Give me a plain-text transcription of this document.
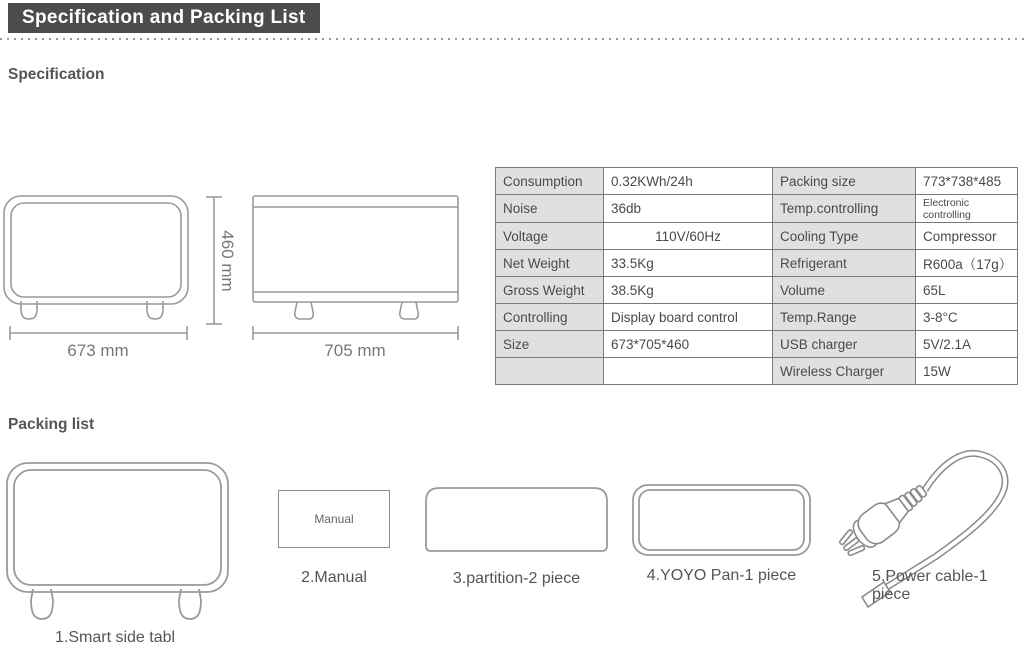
Specification and Packing List
Specification
673 mm	705 mm
460 mm
Consumption	0.32KWh/24h	Packing size	773*738*485
Noise	36db	Temp.controlling	Electronic controlling
Voltage	110V/60Hz	Cooling Type	Compressor
Net Weight	33.5Kg	Refrigerant	R600a（17g）
Gross Weight	38.5Kg	Volume	65L
Controlling	Display board control	Temp.Range	3-8°C
Size	673*705*460	USB charger	5V/2.1A
		Wireless Charger	15W
Packing list
Manual
1.Smart side tabl
2.Manual	3.partition-2 piece	4.YOYO Pan-1 piece	5.Power cable-1 piece
